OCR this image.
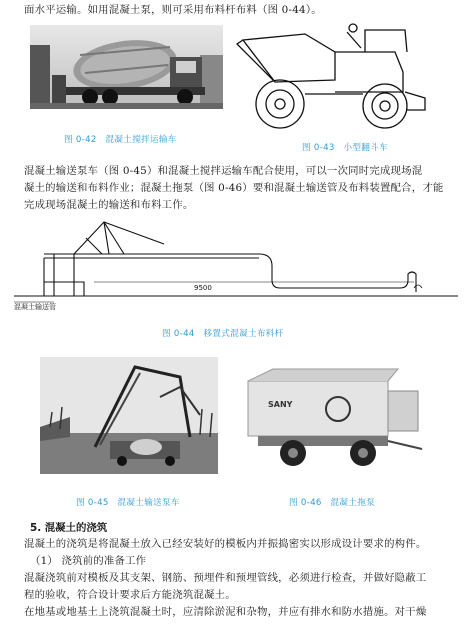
面水平运输。如用混凝土泵，则可采用布料杆布料（图 0-44）。
图 0-42　混凝土搅拌运输车
图 0-43　小型翻斗车
混凝土输送泵车（图 0-45）和混凝土搅拌运输车配合使用，可以一次同时完成现场混
凝土的输送和布料作业；混凝土拖泵（图 0-46）要和混凝土输送管及布料装置配合，才能
完成现场混凝土的输送和布料工作。
9500
混凝土输送管
图 0-44　移置式混凝土布料杆
图 0-45　混凝土输送泵车
SANY
图 0-46　混凝土拖泵
5. 混凝土的浇筑
混凝土的浇筑是将混凝土放入已经安装好的模板内并振捣密实以形成设计要求的构件。
（1） 浇筑前的准备工作
混凝浇筑前对模板及其支架、钢筋、预埋件和预埋管线，必须进行检查，并做好隐蔽工
程的验收，符合设计要求后方能浇筑混凝土。
在地基或地基土上浇筑混凝土时，应清除淤泥和杂物，并应有排水和防水措施。对干燥
